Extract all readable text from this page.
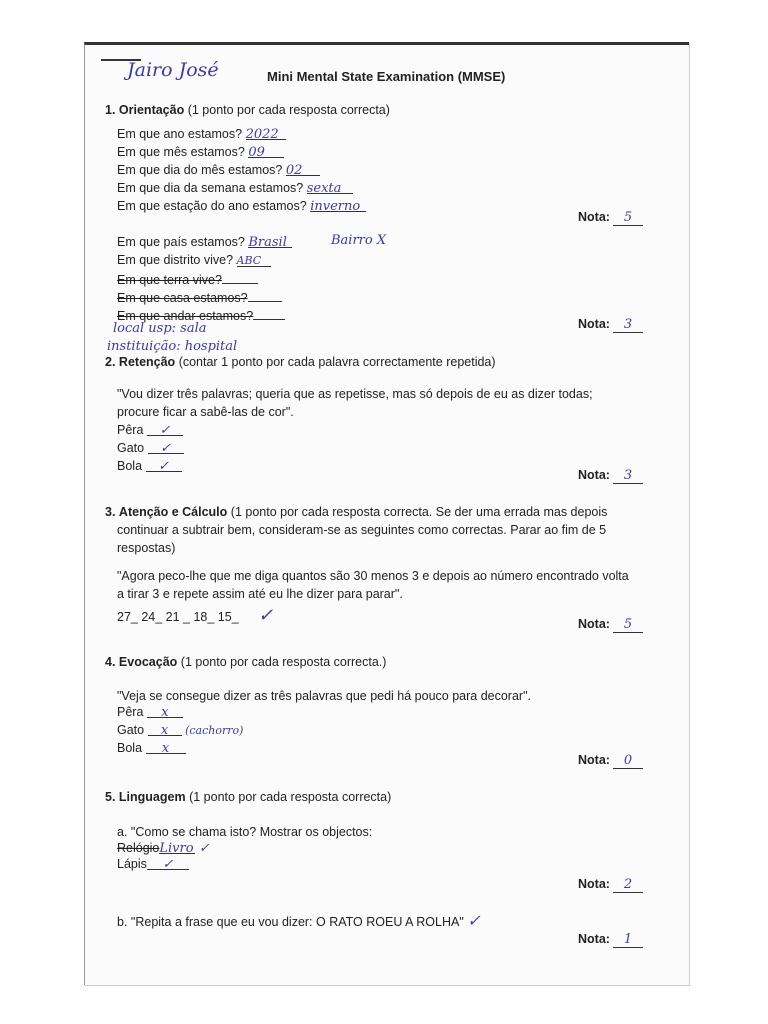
Jairo José	Mini Mental State Examination (MMSE)
1. Orientação (1 ponto por cada resposta correcta)
Em que ano estamos? 2022
Em que mês estamos? 09
Em que dia do mês estamos? 02
Em que dia da semana estamos? sexta
Em que estação do ano estamos? inverno
Nota: 5
Em que país estamos? Brasil	Bairro X
Em que distrito vive? ABC
Em que terra vive?
Em que casa estamos?
Em que andar estamos?
local usp: sala
instituição: hospital
Nota: 3
2. Retenção (contar 1 ponto por cada palavra correctamente repetida)
"Vou dizer três palavras; queria que as repetisse, mas só depois de eu as dizer todas;
procure ficar a sabê-las de cor".
Pêra ✓
Gato ✓
Bola ✓
Nota: 3
3. Atenção e Cálculo (1 ponto por cada resposta correcta. Se der uma errada mas depois
continuar a subtrair bem, consideram-se as seguintes como correctas. Parar ao fim de 5
respostas)
"Agora peco-lhe que me diga quantos são 30 menos 3 e depois ao número encontrado volta
a tirar 3 e repete assim até eu lhe dizer para parar".
27_ 24_ 21 _ 18_ 15_ ✓	Nota: 5
4. Evocação (1 ponto por cada resposta correcta.)
"Veja se consegue dizer as três palavras que pedi há pouco para decorar".
Pêra x
Gato x (cachorro)
Bola x
Nota: 0
5. Linguagem (1 ponto por cada resposta correcta)
a. "Como se chama isto? Mostrar os objectos:
RelógioLivro ✓
Lápis ✓
Nota: 2
b. "Repita a frase que eu vou dizer: O RATO ROEU A ROLHA" ✓
Nota: 1
